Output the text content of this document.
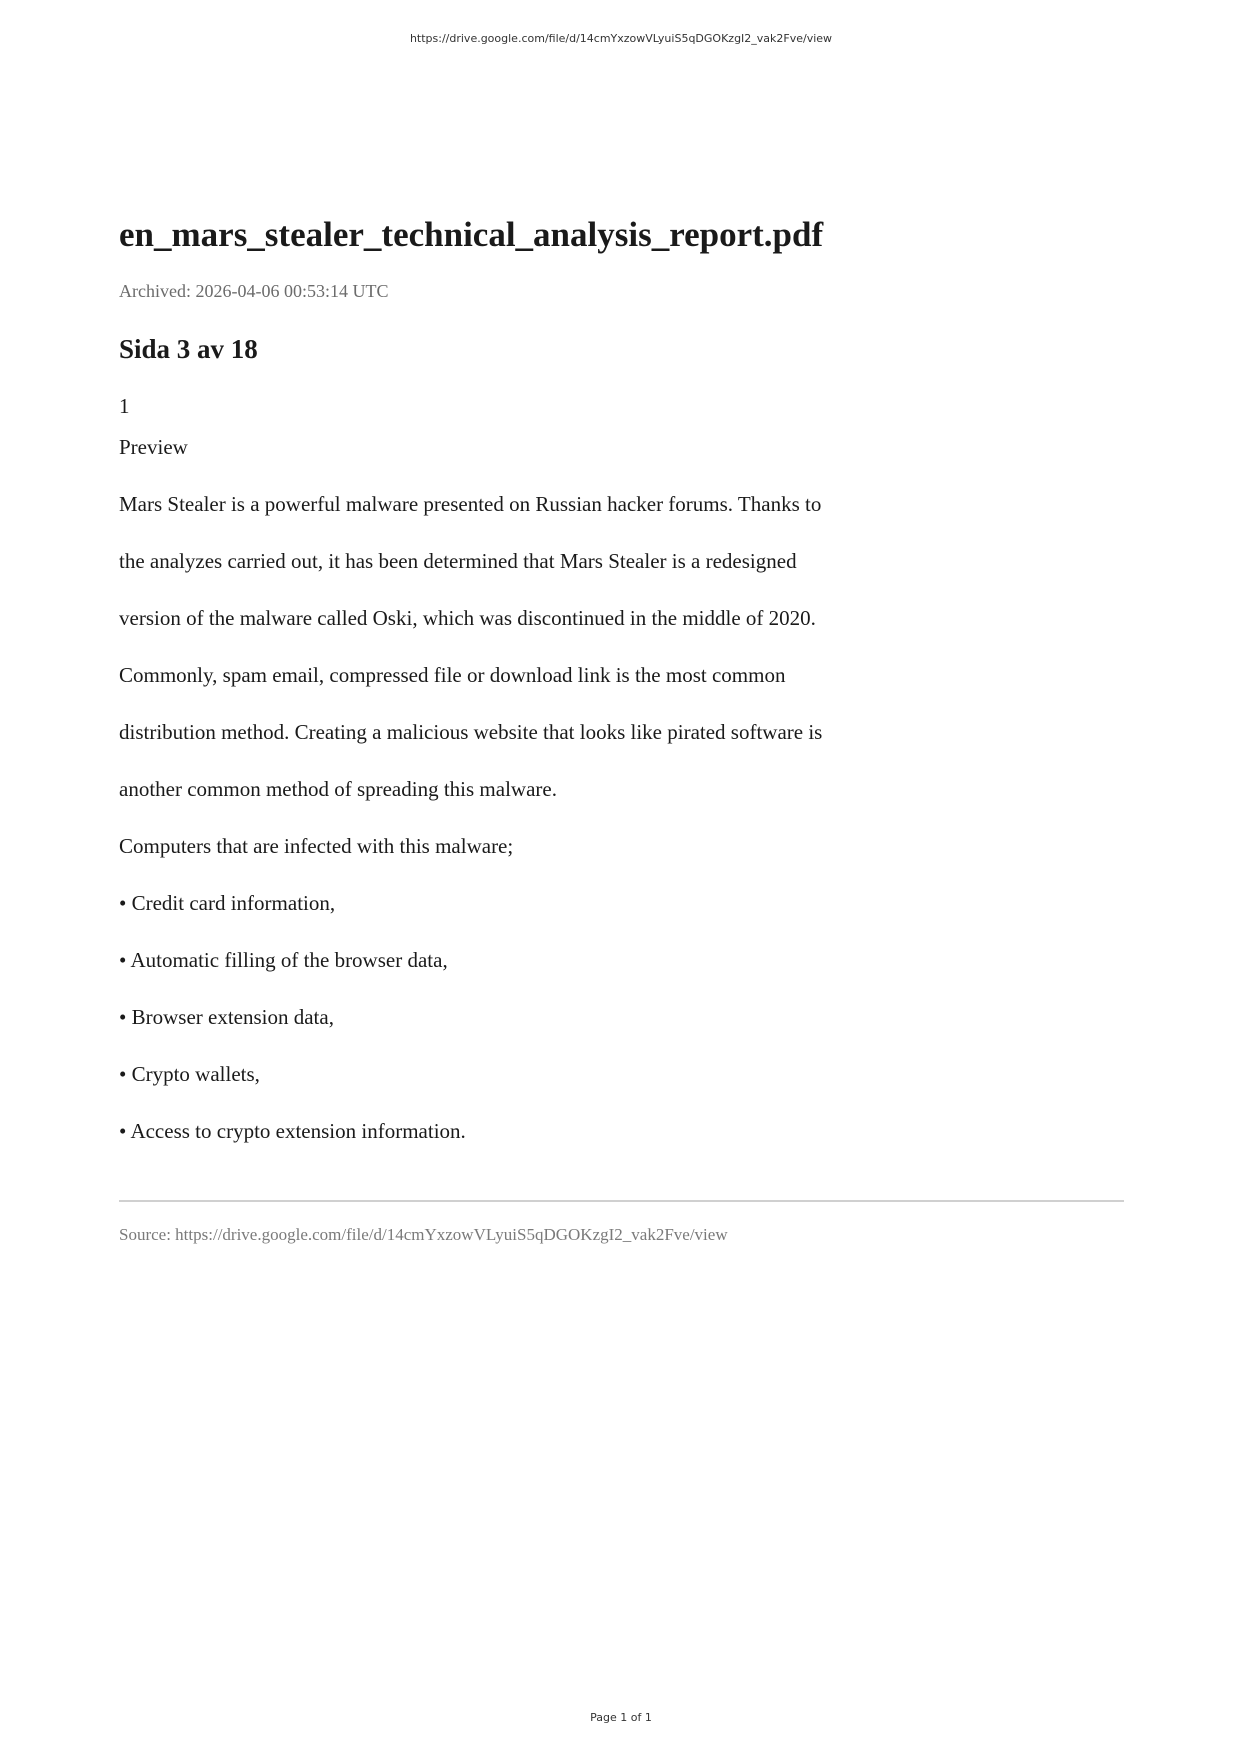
https://drive.google.com/file/d/14cmYxzowVLyuiS5qDGOKzgI2_vak2Fve/view
en_mars_stealer_technical_analysis_report.pdf
Archived: 2026-04-06 00:53:14 UTC
Sida 3 av 18
1
Preview
Mars Stealer is a powerful malware presented on Russian hacker forums. Thanks to
the analyzes carried out, it has been determined that Mars Stealer is a redesigned
version of the malware called Oski, which was discontinued in the middle of 2020.
Commonly, spam email, compressed file or download link is the most common
distribution method. Creating a malicious website that looks like pirated software is
another common method of spreading this malware.
Computers that are infected with this malware;
• Credit card information,
• Automatic filling of the browser data,
• Browser extension data,
• Crypto wallets,
• Access to crypto extension information.
Source: https://drive.google.com/file/d/14cmYxzowVLyuiS5qDGOKzgI2_vak2Fve/view
Page 1 of 1
